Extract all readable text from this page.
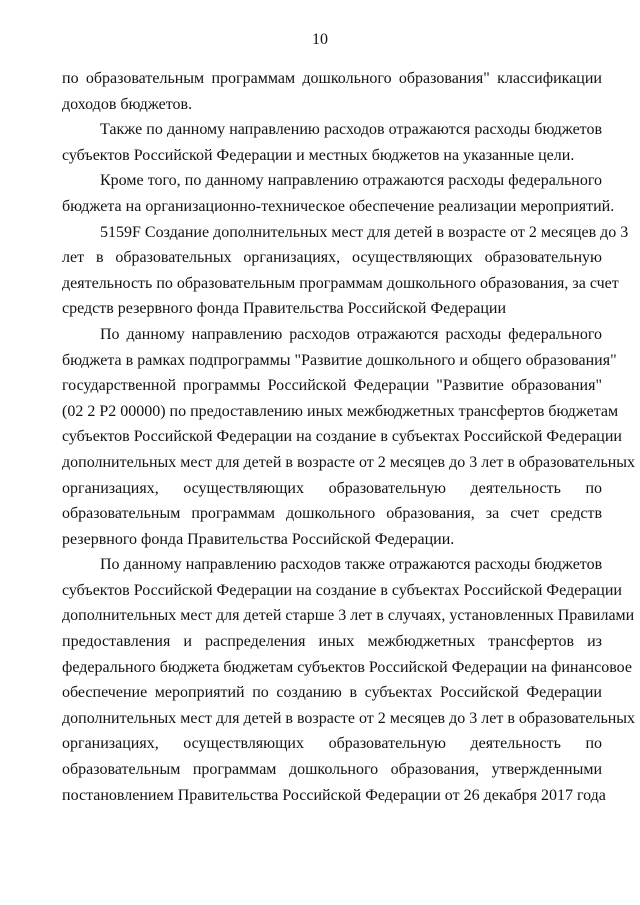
10
по образовательным программам дошкольного образования" классификации
доходов бюджетов.
Также по данному направлению расходов отражаются расходы бюджетов
субъектов Российской Федерации и местных бюджетов на указанные цели.
Кроме того, по данному направлению отражаются расходы федерального
бюджета на организационно-техническое обеспечение реализации мероприятий.
5159F Создание дополнительных мест для детей в возрасте от 2 месяцев до 3
лет в образовательных организациях, осуществляющих образовательную
деятельность по образовательным программам дошкольного образования, за счет
средств резервного фонда Правительства Российской Федерации
По данному направлению расходов отражаются расходы федерального
бюджета в рамках подпрограммы "Развитие дошкольного и общего образования"
государственной программы Российской Федерации "Развитие образования"
(02 2 Р2 00000) по предоставлению иных межбюджетных трансфертов бюджетам
субъектов Российской Федерации на создание в субъектах Российской Федерации
дополнительных мест для детей в возрасте от 2 месяцев до 3 лет в образовательных
организациях, осуществляющих образовательную деятельность по
образовательным программам дошкольного образования, за счет средств
резервного фонда Правительства Российской Федерации.
По данному направлению расходов также отражаются расходы бюджетов
субъектов Российской Федерации на создание в субъектах Российской Федерации
дополнительных мест для детей старше 3 лет в случаях, установленных Правилами
предоставления и распределения иных межбюджетных трансфертов из
федерального бюджета бюджетам субъектов Российской Федерации на финансовое
обеспечение мероприятий по созданию в субъектах Российской Федерации
дополнительных мест для детей в возрасте от 2 месяцев до 3 лет в образовательных
организациях, осуществляющих образовательную деятельность по
образовательным программам дошкольного образования, утвержденными
постановлением Правительства Российской Федерации от 26 декабря 2017 года
